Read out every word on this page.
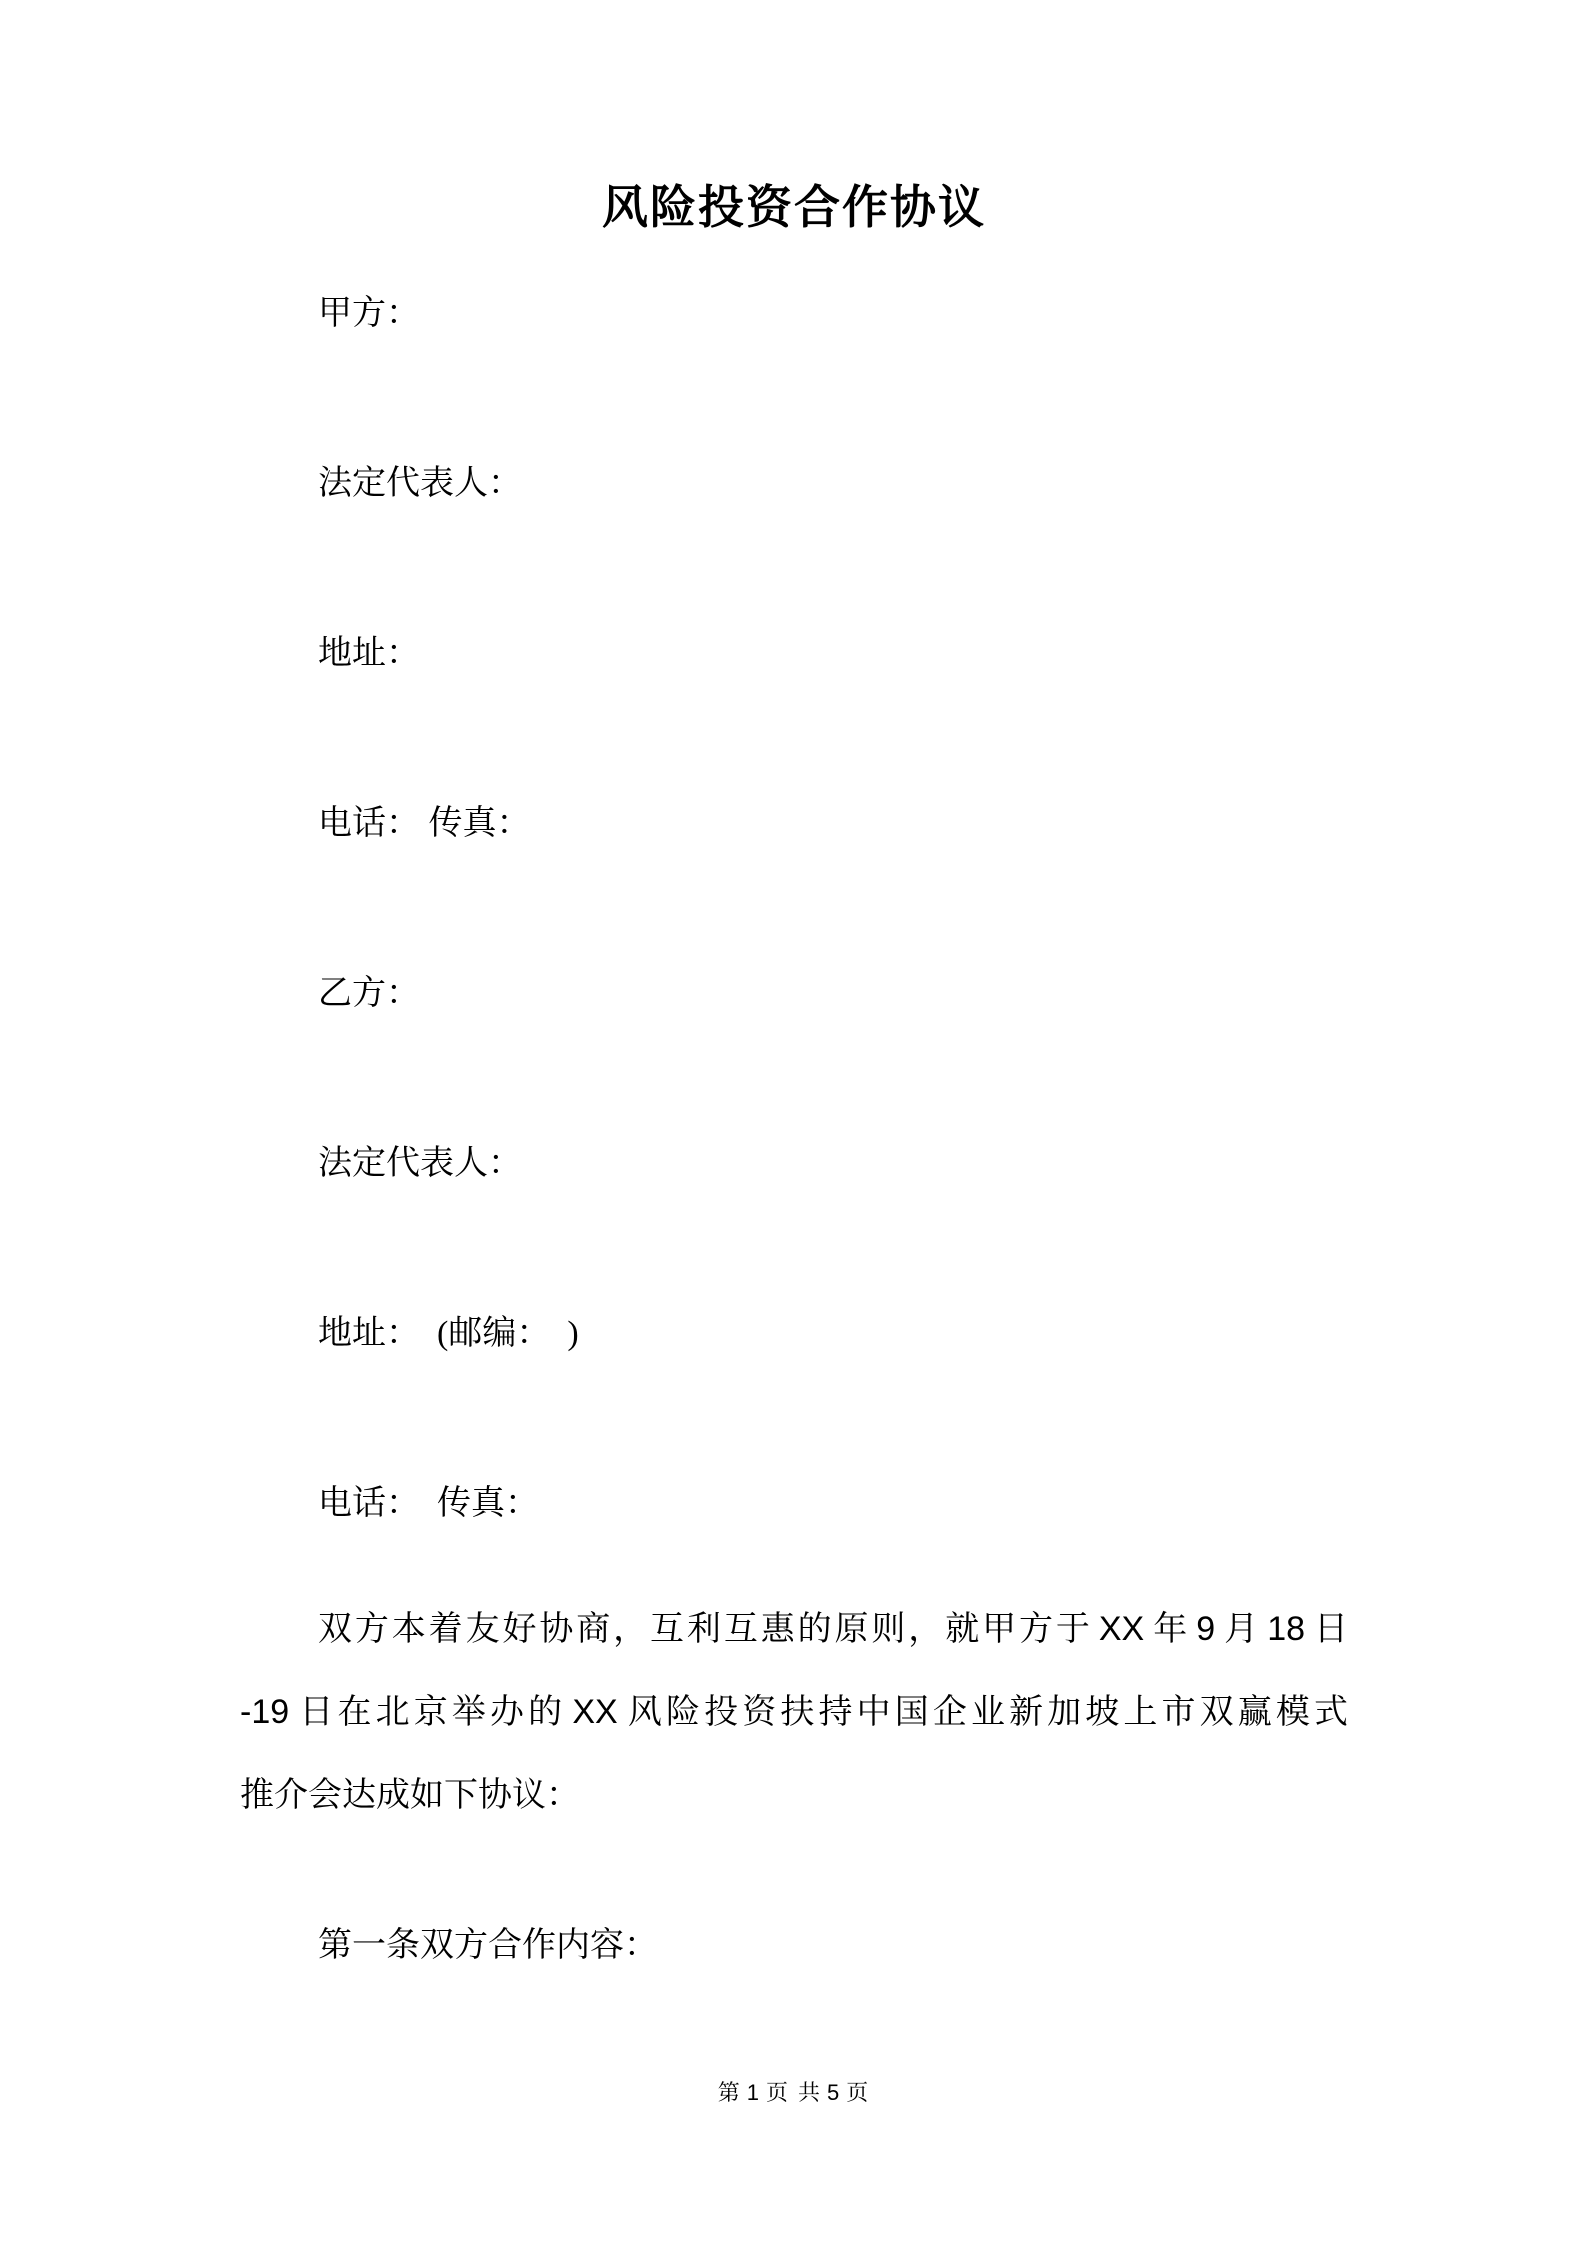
风险投资合作协议

甲方：

法定代表人：

地址：

电话： 传真：

乙方：

法定代表人：

地址：  (邮编：  )

电话：　传真：

双方本着友好协商，互利互惠的原则，就甲方于 XX 年 9 月 18 日
-19 日在北京举办的 XX 风险投资扶持中国企业新加坡上市双赢模式
推介会达成如下协议：

第一条双方合作内容：

第 1 页 共 5 页
